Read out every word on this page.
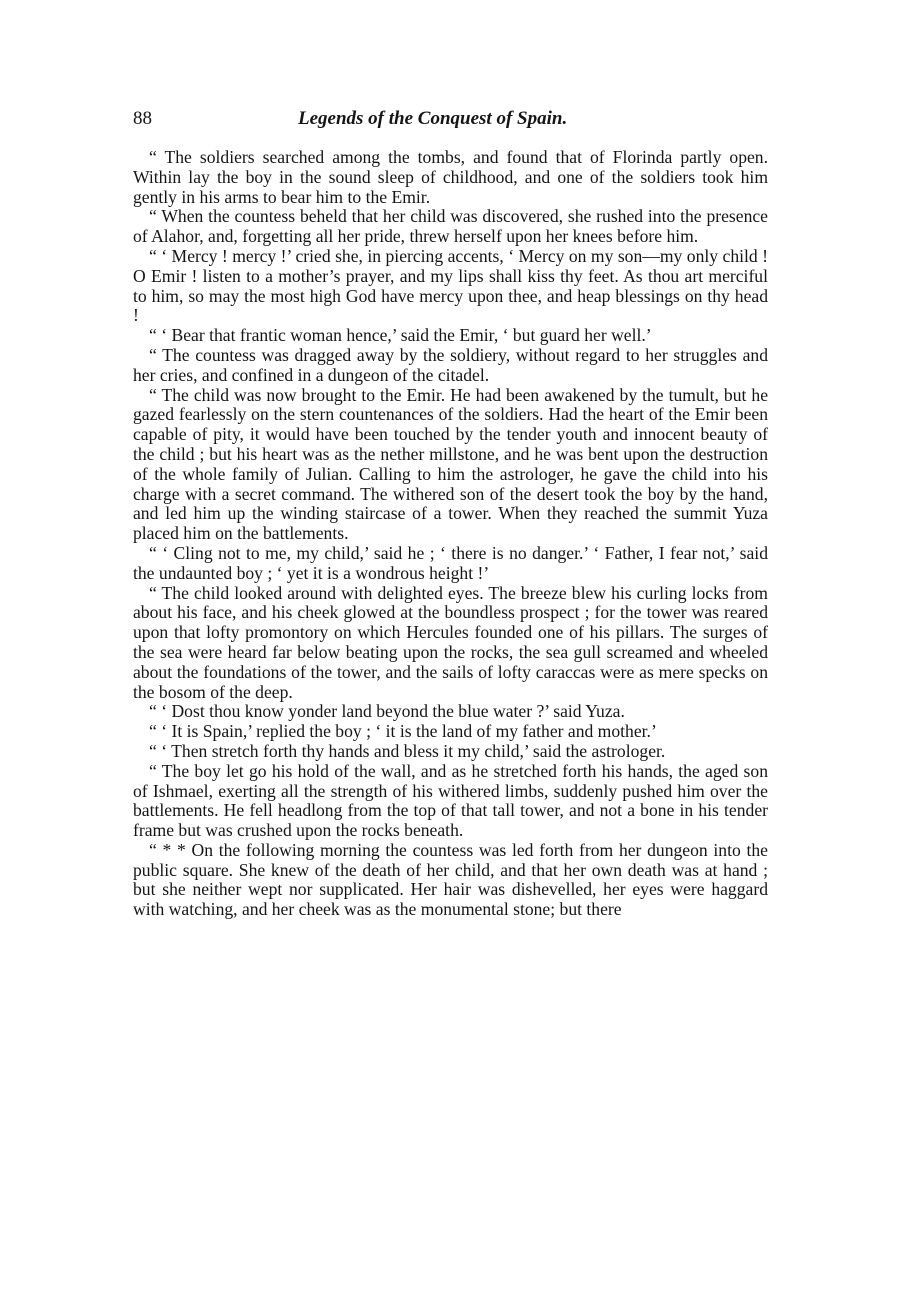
88	Legends of the Conquest of Spain.

“ The soldiers searched among the tombs, and found that of Florinda partly open. Within lay the boy in the sound sleep of childhood, and one of the soldiers took him gently in his arms to bear him to the Emir.

“ When the countess beheld that her child was discovered, she rushed into the presence of Alahor, and, forgetting all her pride, threw herself upon her knees before him.

“ ‘ Mercy ! mercy !’ cried she, in piercing accents, ‘ Mercy on my son—my only child ! O Emir ! listen to a mother’s prayer, and my lips shall kiss thy feet. As thou art merciful to him, so may the most high God have mercy upon thee, and heap blessings on thy head !

“ ‘ Bear that frantic woman hence,’ said the Emir, ‘ but guard her well.’

“ The countess was dragged away by the soldiery, without regard to her struggles and her cries, and confined in a dungeon of the citadel.

“ The child was now brought to the Emir. He had been awakened by the tumult, but he gazed fearlessly on the stern countenances of the soldiers. Had the heart of the Emir been capable of pity, it would have been touched by the tender youth and innocent beauty of the child ; but his heart was as the nether millstone, and he was bent upon the destruction of the whole family of Julian. Calling to him the astrologer, he gave the child into his charge with a secret command. The withered son of the desert took the boy by the hand, and led him up the winding staircase of a tower. When they reached the summit Yuza placed him on the battlements.

“ ‘ Cling not to me, my child,’ said he ; ‘ there is no danger.’ ‘ Father, I fear not,’ said the undaunted boy ; ‘ yet it is a wondrous height !’

“ The child looked around with delighted eyes. The breeze blew his curling locks from about his face, and his cheek glowed at the boundless prospect ; for the tower was reared upon that lofty promontory on which Hercules founded one of his pillars. The surges of the sea were heard far below beating upon the rocks, the sea gull screamed and wheeled about the foundations of the tower, and the sails of lofty caraccas were as mere specks on the bosom of the deep.

“ ‘ Dost thou know yonder land beyond the blue water ?’ said Yuza.

“ ‘ It is Spain,’ replied the boy ; ‘ it is the land of my father and mother.’

“ ‘ Then stretch forth thy hands and bless it my child,’ said the astrologer.

“ The boy let go his hold of the wall, and as he stretched forth his hands, the aged son of Ishmael, exerting all the strength of his withered limbs, suddenly pushed him over the battlements. He fell headlong from the top of that tall tower, and not a bone in his tender frame but was crushed upon the rocks beneath.

“ * * On the following morning the countess was led forth from her dungeon into the public square. She knew of the death of her child, and that her own death was at hand ; but she neither wept nor supplicated. Her hair was dishevelled, her eyes were haggard with watching, and her cheek was as the monumental stone; but there
